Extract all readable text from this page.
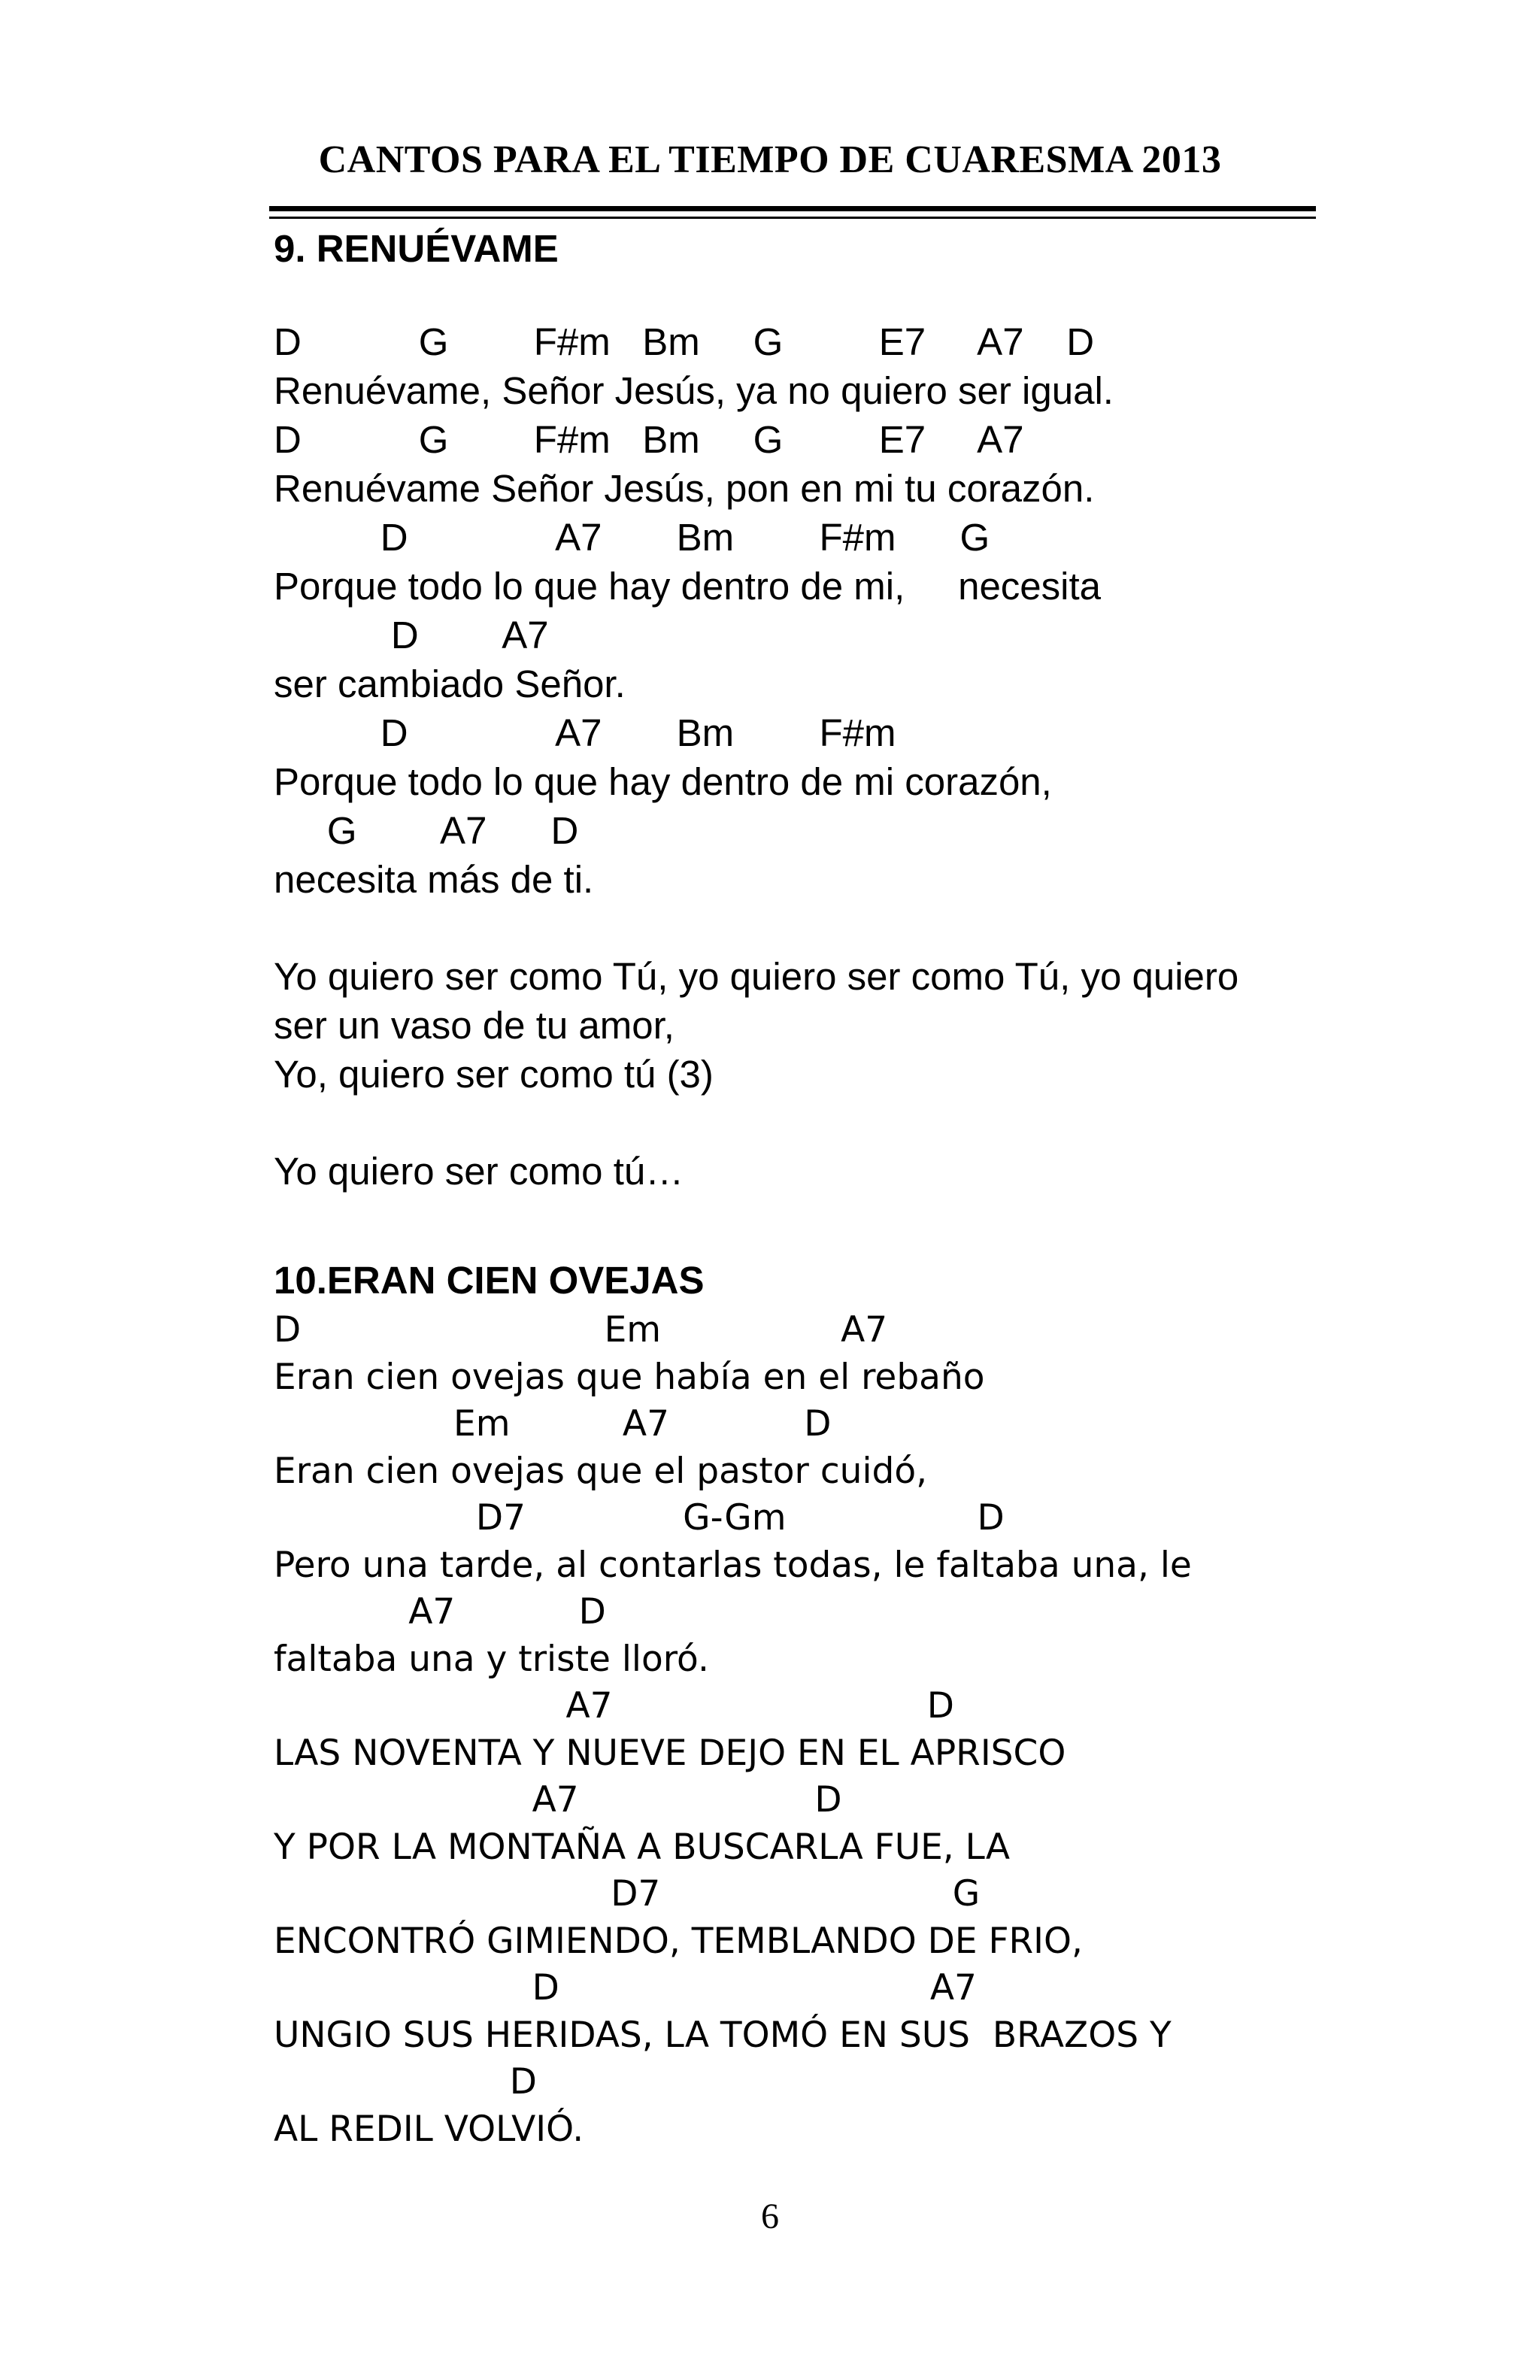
CANTOS PARA EL TIEMPO DE CUARESMA 2013
9. RENUÉVAME
D           G        F#m   Bm     G         E7     A7    D
Renuévame, Señor Jesús, ya no quiero ser igual.
D           G        F#m   Bm     G         E7     A7
Renuévame Señor Jesús, pon en mi tu corazón.
D              A7       Bm        F#m      G
Porque todo lo que hay dentro de mi,     necesita
D        A7
ser cambiado Señor.
D              A7       Bm        F#m
Porque todo lo que hay dentro de mi corazón,
G        A7      D
necesita más de ti.
Yo quiero ser como Tú, yo quiero ser como Tú, yo quiero
ser un vaso de tu amor,
Yo, quiero ser como tú (3)
Yo quiero ser como tú…
10.ERAN CIEN OVEJAS
D                           Em                A7
Eran cien ovejas que había en el rebaño
Em          A7            D
Eran cien ovejas que el pastor cuidó,
D7              G-Gm                 D
Pero una tarde, al contarlas todas, le faltaba una, le
A7           D
faltaba una y triste lloró.
A7                            D
LAS NOVENTA Y NUEVE DEJO EN EL APRISCO
A7                     D
Y POR LA MONTAÑA A BUSCARLA FUE, LA
D7                          G
ENCONTRÓ GIMIENDO, TEMBLANDO DE FRIO,
D                                 A7
UNGIO SUS HERIDAS, LA TOMÓ EN SUS  BRAZOS Y
D
AL REDIL VOLVIÓ.
6
